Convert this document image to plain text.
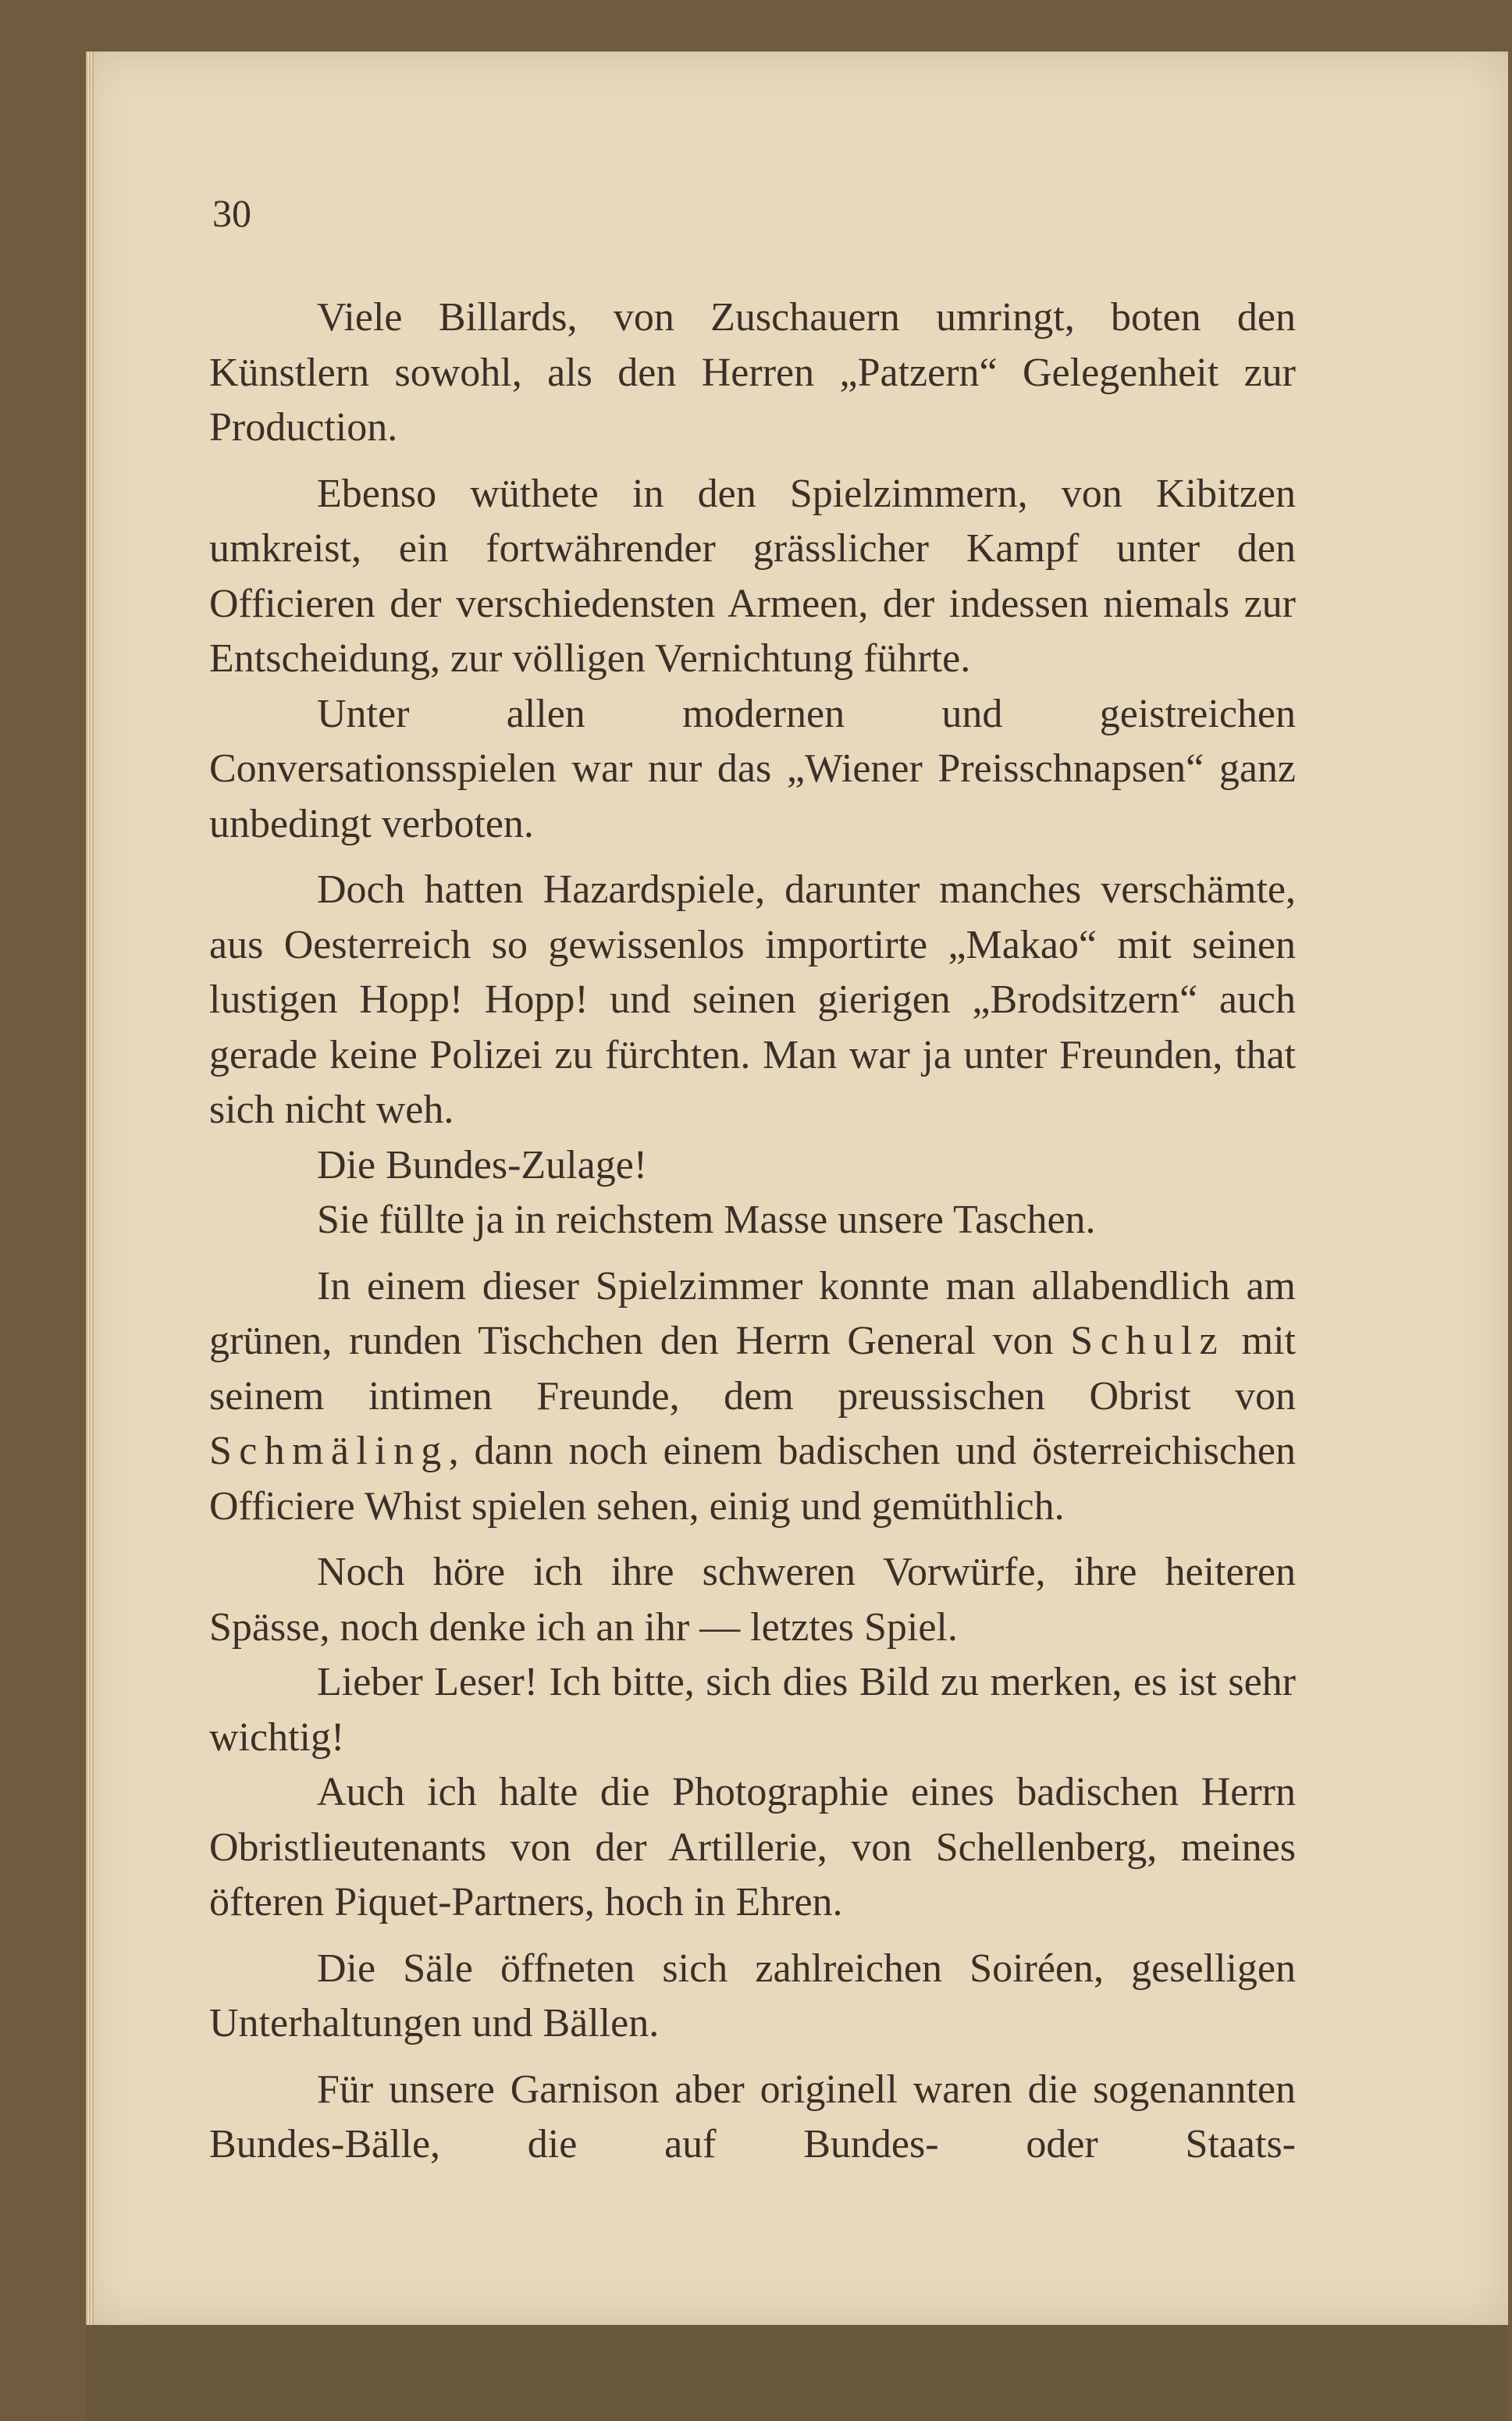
30

Viele Billards, von Zuschauern umringt, boten den Künstlern sowohl, als den Herren „Patzern“ Gelegenheit zur Production.

Ebenso wüthete in den Spielzimmern, von Kibitzen umkreist, ein fortwährender grässlicher Kampf unter den Officieren der verschiedensten Armeen, der indessen niemals zur Entscheidung, zur völligen Vernichtung führte.

Unter allen modernen und geistreichen Conversationsspielen war nur das „Wiener Preisschnapsen“ ganz unbedingt verboten.

Doch hatten Hazardspiele, darunter manches verschämte, aus Oesterreich so gewissenlos importirte „Makao“ mit seinen lustigen Hopp! Hopp! und seinen gierigen „Brodsitzern“ auch gerade keine Polizei zu fürchten. Man war ja unter Freunden, that sich nicht weh.

Die Bundes-Zulage!

Sie füllte ja in reichstem Masse unsere Taschen.

In einem dieser Spielzimmer konnte man allabendlich am grünen, runden Tischchen den Herrn General von Schulz mit seinem intimen Freunde, dem preussischen Obrist von Schmäling, dann noch einem badischen und österreichischen Officiere Whist spielen sehen, einig und gemüthlich.

Noch höre ich ihre schweren Vorwürfe, ihre heiteren Spässe, noch denke ich an ihr — letztes Spiel.

Lieber Leser! Ich bitte, sich dies Bild zu merken, es ist sehr wichtig!

Auch ich halte die Photographie eines badischen Herrn Obristlieutenants von der Artillerie, von Schellenberg, meines öfteren Piquet-Partners, hoch in Ehren.

Die Säle öffneten sich zahlreichen Soiréen, geselligen Unterhaltungen und Bällen.

Für unsere Garnison aber originell waren die sogenannten Bundes-Bälle, die auf Bundes- oder Staats-
